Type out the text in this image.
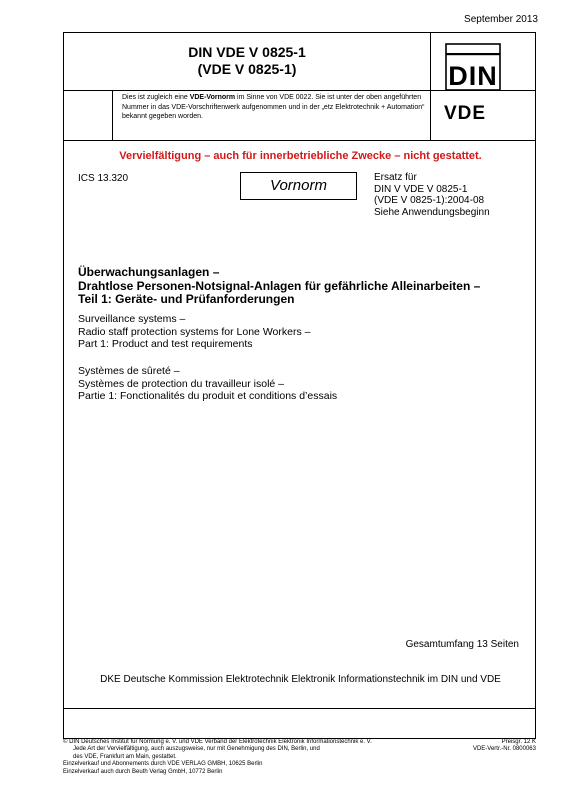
September 2013
DIN VDE V 0825-1
(VDE V 0825-1)	DIN
Dies ist zugleich eine VDE-Vornorm im Sinne von VDE 0022. Sie ist unter der oben angeführten Nummer in das VDE-Vorschriftenwerk aufgenommen und in der „etz Elektrotechnik + Automation“ bekannt gegeben worden.	VDE
Vervielfältigung – auch für innerbetriebliche Zwecke – nicht gestattet.
ICS 13.320	Vornorm	Ersatz für
DIN V VDE V 0825-1
(VDE V 0825-1):2004-08
Siehe Anwendungsbeginn
Überwachungsanlagen –
Drahtlose Personen-Notsignal-Anlagen für gefährliche Alleinarbeiten –
Teil 1: Geräte- und Prüfanforderungen
Surveillance systems –
Radio staff protection systems for Lone Workers –
Part 1: Product and test requirements
Systèmes de sûreté –
Systèmes de protection du travailleur isolé –
Partie 1: Fonctionalités du produit et conditions d’essais
Gesamtumfang 13 Seiten
DKE Deutsche Kommission Elektrotechnik Elektronik Informationstechnik im DIN und VDE
© DIN Deutsches Institut für Normung e. V. und VDE Verband der Elektrotechnik Elektronik Informationstechnik e. V.
Jede Art der Vervielfältigung, auch auszugsweise, nur mit Genehmigung des DIN, Berlin, und
des VDE, Frankfurt am Main, gestattet.
Einzelverkauf und Abonnements durch VDE VERLAG GMBH, 10625 Berlin
Einzelverkauf auch durch Beuth Verlag GmbH, 10772 Berlin
Preisgr. 12 K
VDE-Vertr.-Nr. 0800063
